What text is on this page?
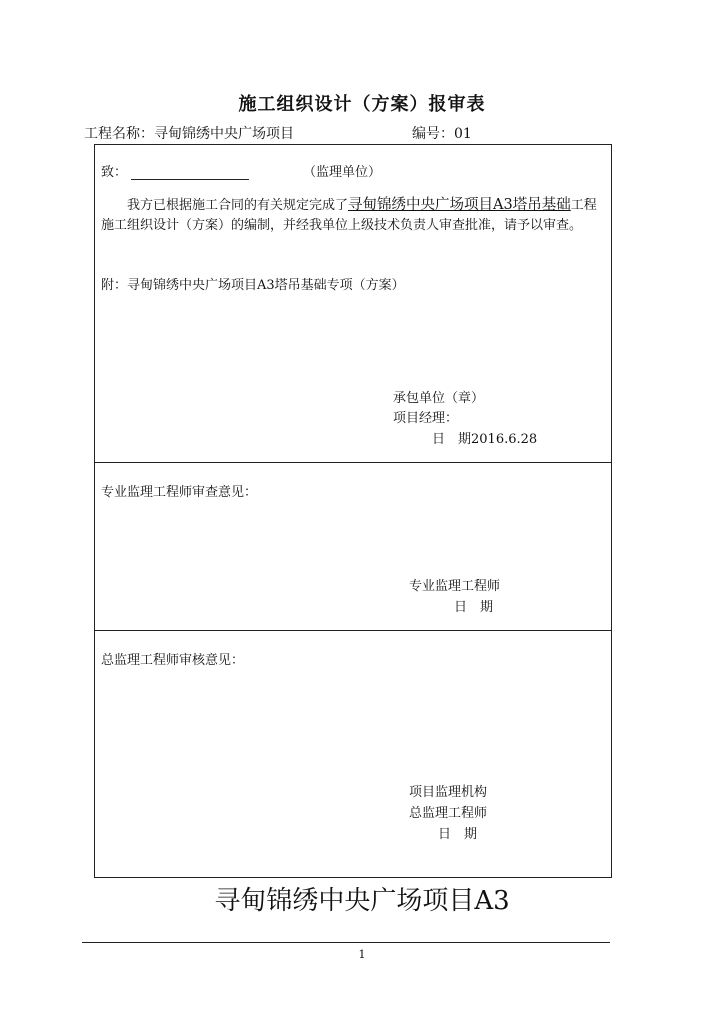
施工组织设计（方案）报审表
工程名称：寻甸锦绣中央广场项目	编号：01
致：	（监理单位）
我方已根据施工合同的有关规定完成了寻甸锦绣中央广场项目A3塔吊基础工程施工组织设计（方案）的编制，并经我单位上级技术负责人审查批准，请予以审查。
附：寻甸锦绣中央广场项目A3塔吊基础专项（方案）
承包单位（章）
项目经理：
日　期2016.6.28
专业监理工程师审查意见：
专业监理工程师
日　期
总监理工程师审核意见：
项目监理机构
总监理工程师
日　期
寻甸锦绣中央广场项目A3
1
